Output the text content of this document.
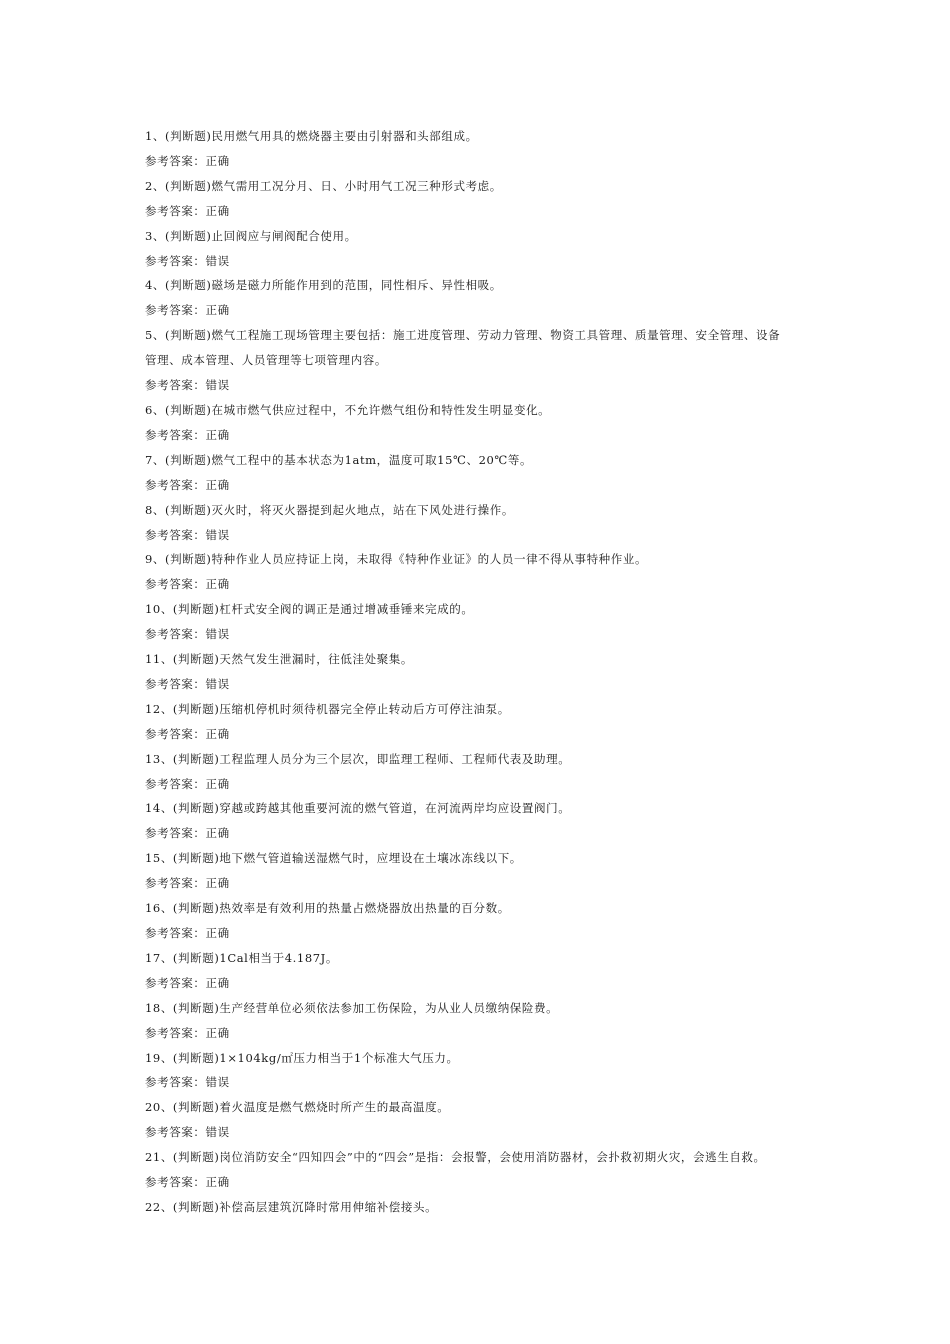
1、(判断题)民用燃气用具的燃烧器主要由引射器和头部组成。
参考答案：正确
2、(判断题)燃气需用工况分月、日、小时用气工况三种形式考虑。
参考答案：正确
3、(判断题)止回阀应与闸阀配合使用。
参考答案：错误
4、(判断题)磁场是磁力所能作用到的范围，同性相斥、异性相吸。
参考答案：正确
5、(判断题)燃气工程施工现场管理主要包括：施工进度管理、劳动力管理、物资工具管理、质量管理、安全管理、设备
管理、成本管理、人员管理等七项管理内容。
参考答案：错误
6、(判断题)在城市燃气供应过程中，不允许燃气组份和特性发生明显变化。
参考答案：正确
7、(判断题)燃气工程中的基本状态为1atm，温度可取15℃、20℃等。
参考答案：正确
8、(判断题)灭火时，将灭火器提到起火地点，站在下风处进行操作。
参考答案：错误
9、(判断题)特种作业人员应持证上岗，未取得《特种作业证》的人员一律不得从事特种作业。
参考答案：正确
10、(判断题)杠杆式安全阀的调正是通过增减垂锤来完成的。
参考答案：错误
11、(判断题)天然气发生泄漏时，往低洼处聚集。
参考答案：错误
12、(判断题)压缩机停机时须待机器完全停止转动后方可停注油泵。
参考答案：正确
13、(判断题)工程监理人员分为三个层次，即监理工程师、工程师代表及助理。
参考答案：正确
14、(判断题)穿越或跨越其他重要河流的燃气管道，在河流两岸均应设置阀门。
参考答案：正确
15、(判断题)地下燃气管道输送湿燃气时，应埋设在土壤冰冻线以下。
参考答案：正确
16、(判断题)热效率是有效利用的热量占燃烧器放出热量的百分数。
参考答案：正确
17、(判断题)1Cal相当于4.187J。
参考答案：正确
18、(判断题)生产经营单位必须依法参加工伤保险，为从业人员缴纳保险费。
参考答案：正确
19、(判断题)1×104kg/㎡压力相当于1个标准大气压力。
参考答案：错误
20、(判断题)着火温度是燃气燃烧时所产生的最高温度。
参考答案：错误
21、(判断题)岗位消防安全“四知四会”中的“四会”是指：会报警，会使用消防器材，会扑救初期火灾，会逃生自救。
参考答案：正确
22、(判断题)补偿高层建筑沉降时常用伸缩补偿接头。
